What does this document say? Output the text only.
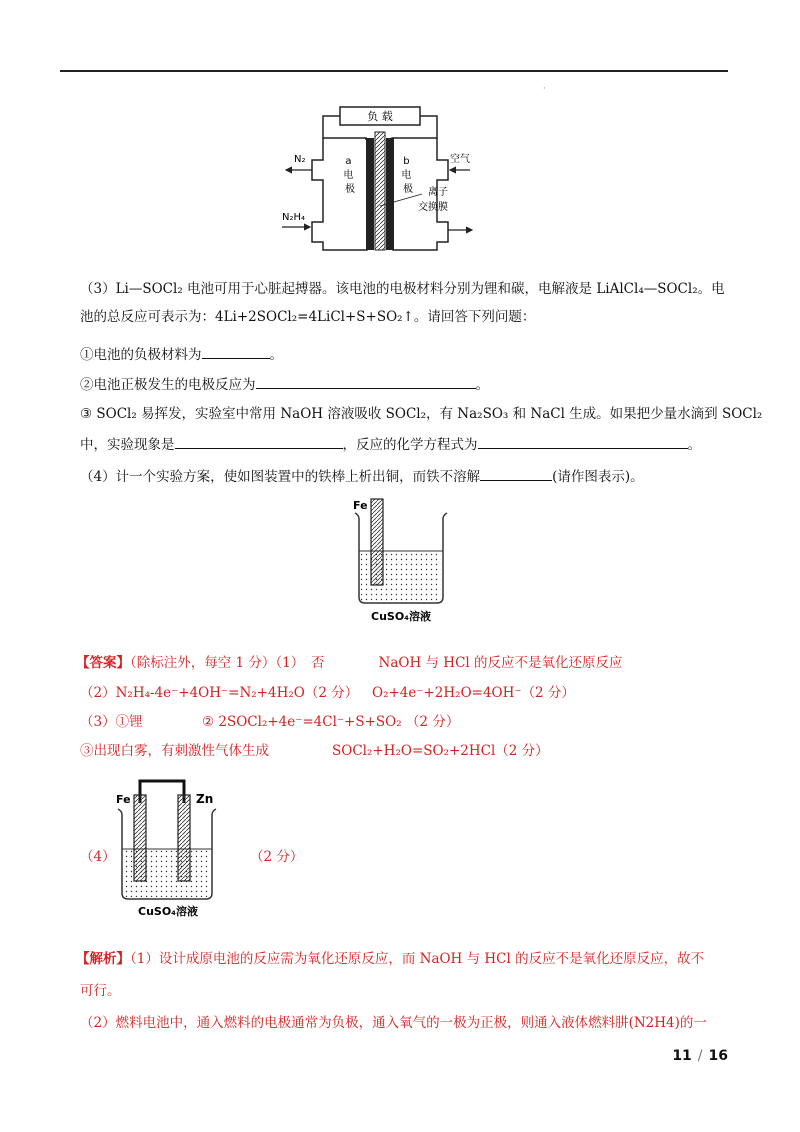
·
负 载
a 电 极
b 电 极
N₂
N₂H₄
空气
离子 交换膜
（3）Li—SOCl₂ 电池可用于心脏起搏器。该电池的电极材料分别为锂和碳，电解液是 LiAlCl₄—SOCl₂。电
池的总反应可表示为：4Li+2SOCl₂=4LiCl+S+SO₂↑。请回答下列问题：
①电池的负极材料为	。
②电池正极发生的电极反应为	。
③ SOCl₂ 易挥发，实验室中常用 NaOH 溶液吸收 SOCl₂，有 Na₂SO₃ 和 NaCl 生成。如果把少量水滴到 SOCl₂
中，实验现象是	，反应的化学方程式为	。
（4）计一个实验方案，使如图装置中的铁棒上析出铜，而铁不溶解	(请作图表示)。
Fe
CuSO₄溶液
【答案】（除标注外，每空 1 分）（1）　否　　　　NaOH 与 HCl 的反应不是氧化还原反应
（2）N₂H₄-4e⁻+4OH⁻=N₂+4H₂O（2 分） O₂+4e⁻+2H₂O=4OH⁻（2 分）
（3）①锂	② 2SOCl₂+4e⁻=4Cl⁻+S+SO₂ （2 分）
③出现白雾，有刺激性气体生成	SOCl₂+H₂O=SO₂+2HCl（2 分）
（4）	（2 分）
Fe	Zn
CuSO₄溶液
【解析】（1）设计成原电池的反应需为氧化还原反应，而 NaOH 与 HCl 的反应不是氧化还原反应，故不
可行。
（2）燃料电池中，通入燃料的电极通常为负极，通入氧气的一极为正极，则通入液体燃料肼(N2H4)的一
11 / 16
